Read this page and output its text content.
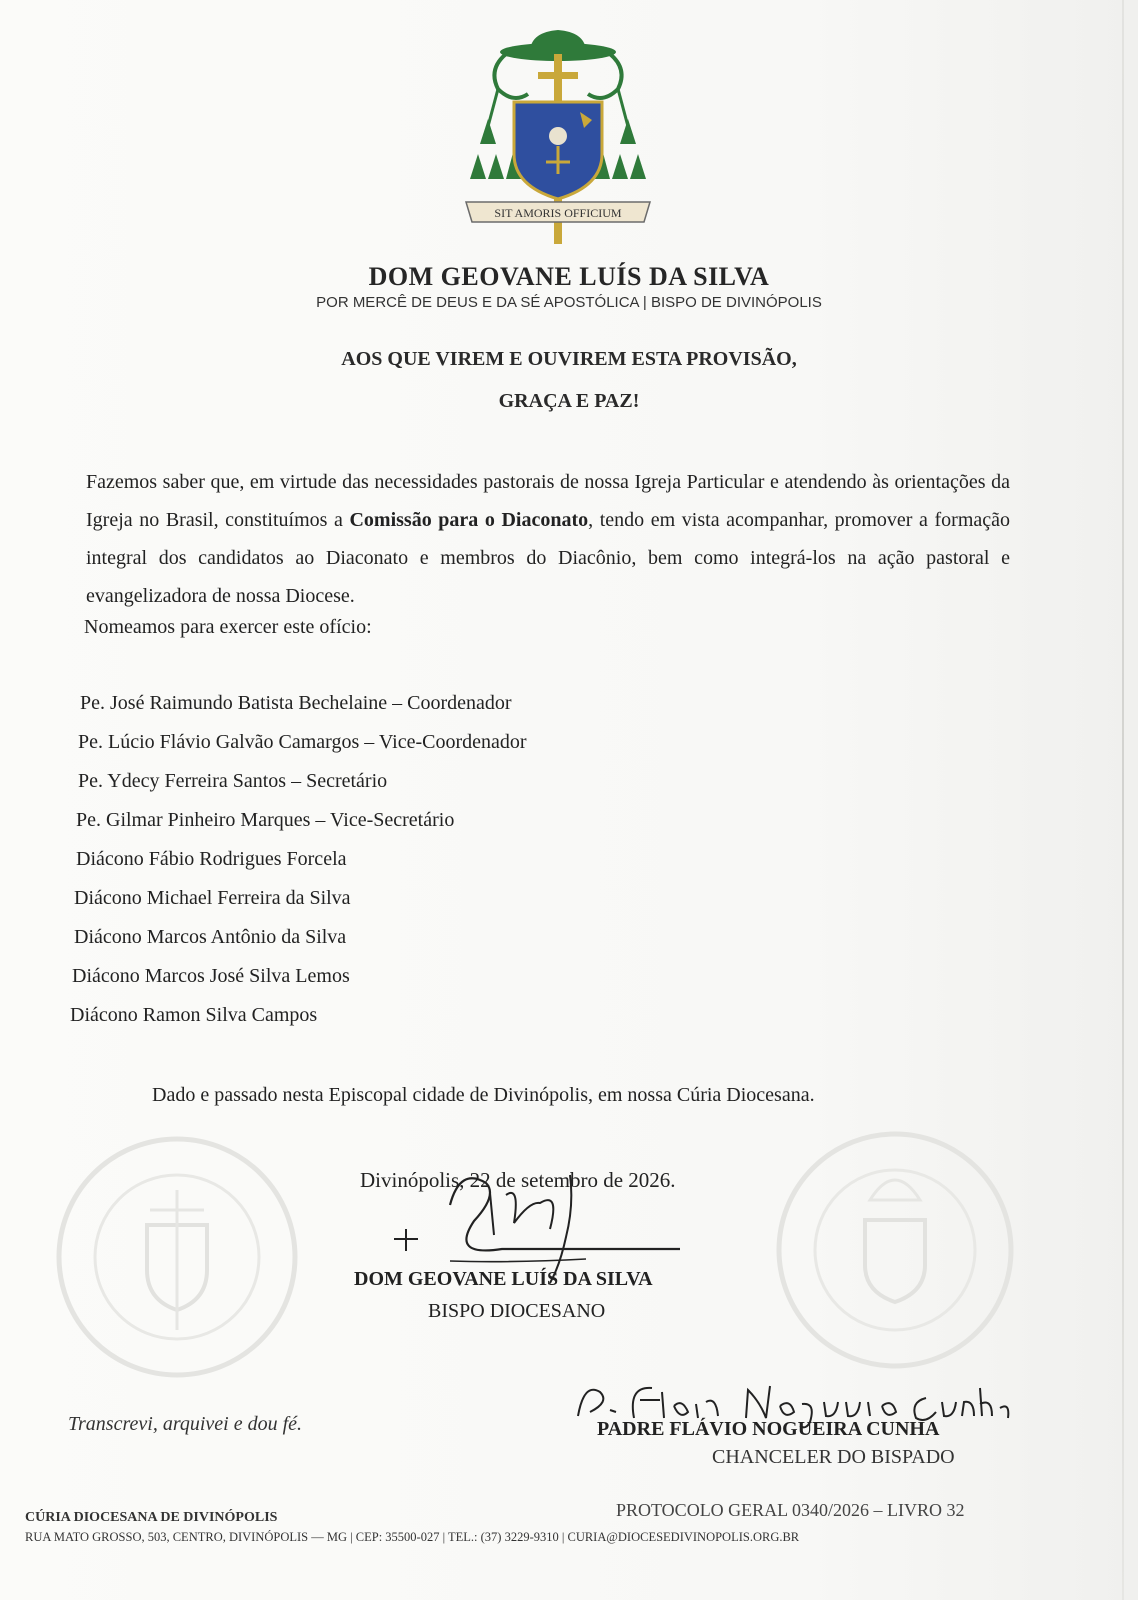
SIT AMORIS OFFICIUM
DOM GEOVANE LUÍS DA SILVA
POR MERCÊ DE DEUS E DA SÉ APOSTÓLICA | BISPO DE DIVINÓPOLIS
AOS QUE VIREM E OUVIREM ESTA PROVISÃO,
GRAÇA E PAZ!
Fazemos saber que, em virtude das necessidades pastorais de nossa Igreja Particular e atendendo às orientações da Igreja no Brasil, constituímos a Comissão para o Diaconato, tendo em vista acompanhar, promover a formação integral dos candidatos ao Diaconato e membros do Diacônio, bem como integrá-los na ação pastoral e evangelizadora de nossa Diocese.
Nomeamos para exercer este ofício:
Pe. José Raimundo Batista Bechelaine – Coordenador
Pe. Lúcio Flávio Galvão Camargos – Vice-Coordenador
Pe. Ydecy Ferreira Santos – Secretário
Pe. Gilmar Pinheiro Marques – Vice-Secretário
Diácono Fábio Rodrigues Forcela
Diácono Michael Ferreira da Silva
Diácono Marcos Antônio da Silva
Diácono Marcos José Silva Lemos
Diácono Ramon Silva Campos
Dado e passado nesta Episcopal cidade de Divinópolis, em nossa Cúria Diocesana.
Divinópolis, 22 de setembro de 2026.
DOM GEOVANE LUÍS DA SILVA
BISPO DIOCESANO
Transcrevi, arquivei e dou fé.	PADRE FLÁVIO NOGUEIRA CUNHA
CHANCELER DO BISPADO
PROTOCOLO GERAL 0340/2026 – LIVRO 32
CÚRIA DIOCESANA DE DIVINÓPOLIS
RUA MATO GROSSO, 503, CENTRO, DIVINÓPOLIS — MG | CEP: 35500-027 | TEL.: (37) 3229-9310 | CURIA@DIOCESEDIVINOPOLIS.ORG.BR
